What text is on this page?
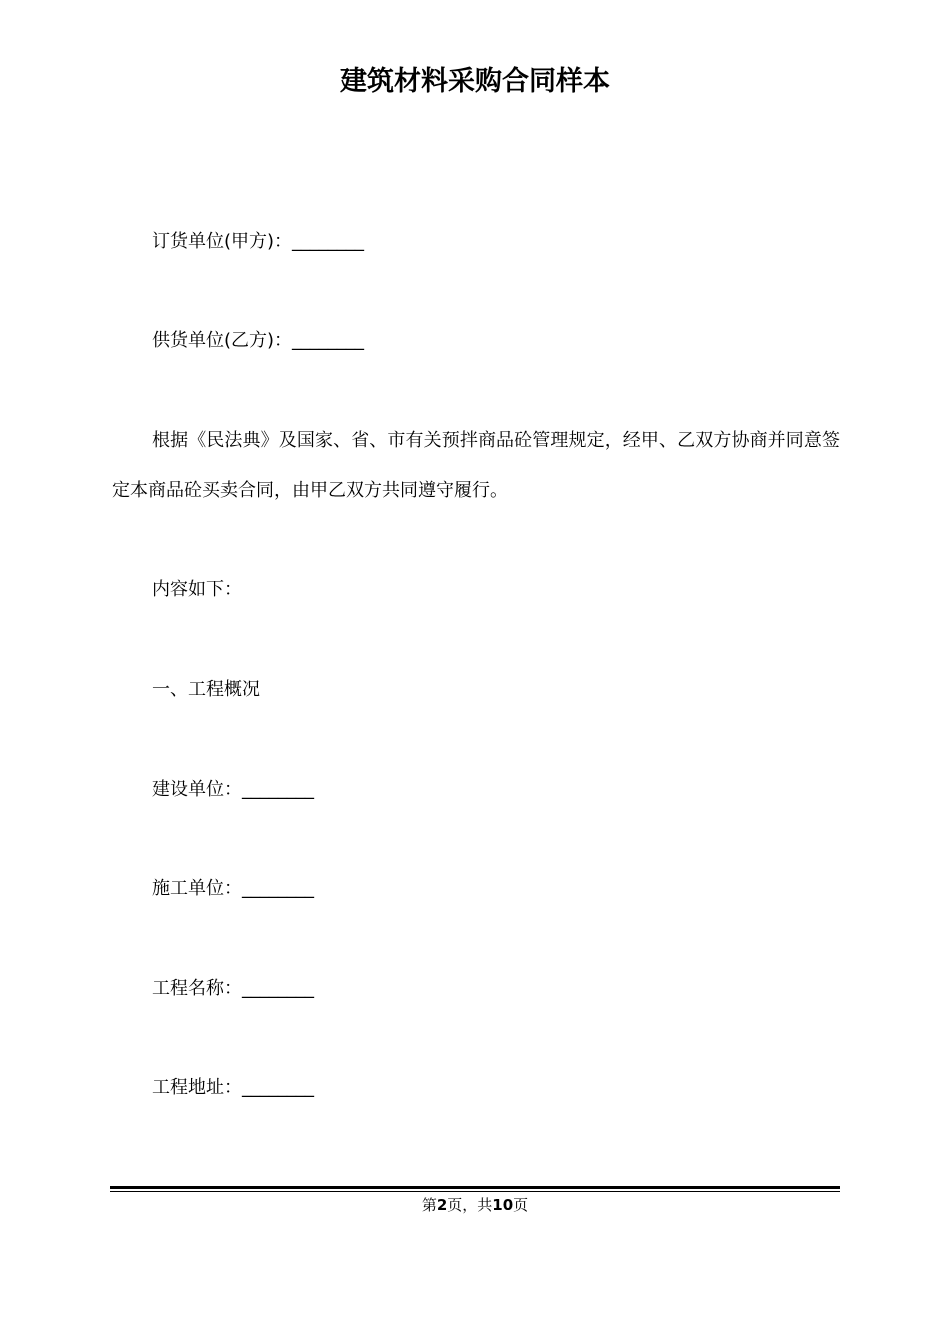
建筑材料采购合同样本
订货单位(甲方)：________
供货单位(乙方)：________
根据《民法典》及国家、省、市有关预拌商品砼管理规定，经甲、乙双方协商并同意签定本商品砼买卖合同，由甲乙双方共同遵守履行。
内容如下：
一、工程概况
建设单位：________
施工单位：________
工程名称：________
工程地址：________
第2页，共10页
